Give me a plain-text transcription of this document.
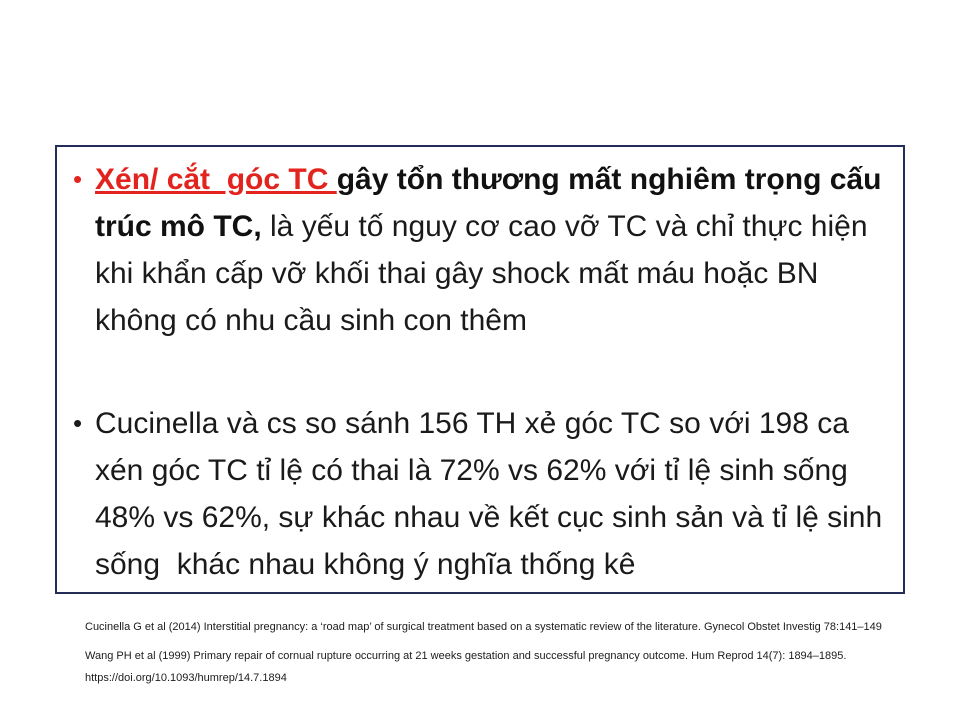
• Xén/ cắt  góc TC gây tổn thương mất nghiêm trọng cấu trúc mô TC, là yếu tố nguy cơ cao vỡ TC và chỉ thực hiện khi khẩn cấp vỡ khối thai gây shock mất máu hoặc BN không có nhu cầu sinh con thêm
• Cucinella và cs so sánh 156 TH xẻ góc TC so với 198 ca xén góc TC tỉ lệ có thai là 72% vs 62% với tỉ lệ sinh sống 48% vs 62%, sự khác nhau về kết cục sinh sản và tỉ lệ sinh sống  khác nhau không ý nghĩa thống kê

Cucinella G et al (2014) Interstitial pregnancy: a ‘road map’ of surgical treatment based on a systematic review of the literature. Gynecol Obstet Investig 78:141–149

Wang PH et al (1999) Primary repair of cornual rupture occurring at 21 weeks gestation and successful pregnancy outcome. Hum Reprod 14(7): 1894–1895.

https://doi.org/10.1093/humrep/14.7.1894
